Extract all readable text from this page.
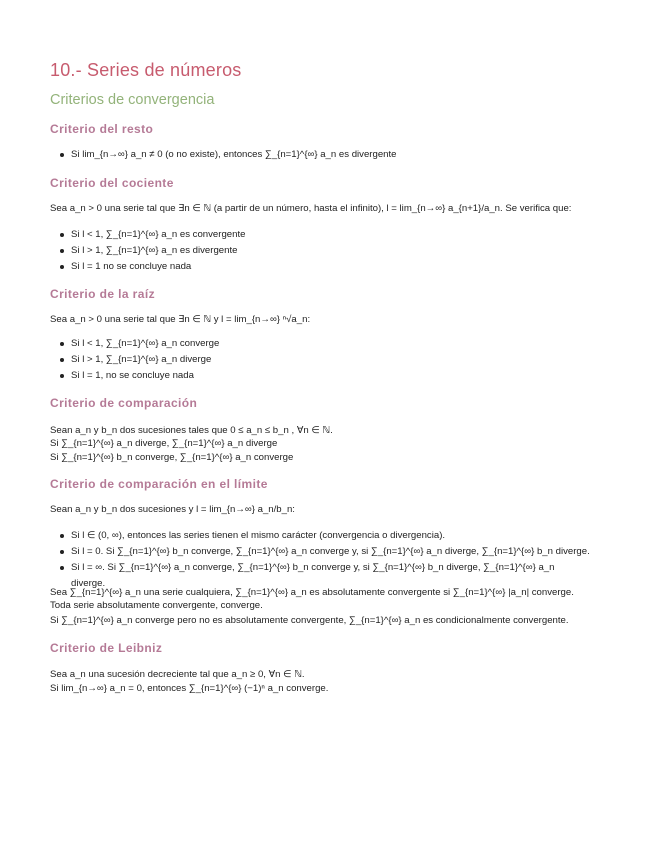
10.- Series de números
Criterios de convergencia
Criterio del resto
Si lim_{n→∞} a_n ≠ 0 (o no existe), entonces ∑_{n=1}^{∞} a_n es divergente
Criterio del cociente

Sea a_n > 0 una serie tal que ∃n ∈ ℕ (a partir de un número, hasta el infinito), l = lim_{n→∞} a_{n+1}/a_n. Se verifica que:

Si l < 1, ∑_{n=1}^{∞} a_n es convergente
Si l > 1, ∑_{n=1}^{∞} a_n es divergente
Si l = 1 no se concluye nada
Criterio de la raíz

Sea a_n > 0 una serie tal que ∃n ∈ ℕ y l = lim_{n→∞} ⁿ√a_n:

Si l < 1, ∑_{n=1}^{∞} a_n converge
Si l > 1, ∑_{n=1}^{∞} a_n diverge
Si l = 1, no se concluye nada
Criterio de comparación

Sean a_n y b_n dos sucesiones tales que 0 ≤ a_n ≤ b_n , ∀n ∈ ℕ.

Si ∑_{n=1}^{∞} a_n diverge, ∑_{n=1}^{∞} a_n diverge

Si ∑_{n=1}^{∞} b_n converge, ∑_{n=1}^{∞} a_n converge

Criterio de comparación en el límite

Sean a_n y b_n dos sucesiones y l = lim_{n→∞} a_n/b_n:

Si l ∈ (0, ∞), entonces las series tienen el mismo carácter (convergencia o divergencia).
Si l = 0. Si ∑_{n=1}^{∞} b_n converge, ∑_{n=1}^{∞} a_n converge y, si ∑_{n=1}^{∞} a_n diverge, ∑_{n=1}^{∞} b_n diverge.
Si l = ∞. Si ∑_{n=1}^{∞} a_n converge, ∑_{n=1}^{∞} b_n converge y, si ∑_{n=1}^{∞} b_n diverge, ∑_{n=1}^{∞} a_n diverge.

Sea ∑_{n=1}^{∞} a_n una serie cualquiera, ∑_{n=1}^{∞} a_n es absolutamente convergente si ∑_{n=1}^{∞} |a_n| converge. Toda serie absolutamente convergente, converge.

Si ∑_{n=1}^{∞} a_n converge pero no es absolutamente convergente, ∑_{n=1}^{∞} a_n es condicionalmente convergente.

Criterio de Leibniz

Sea a_n una sucesión decreciente tal que a_n ≥ 0, ∀n ∈ ℕ.

Si lim_{n→∞} a_n = 0, entonces ∑_{n=1}^{∞} (−1)ⁿ a_n converge.
